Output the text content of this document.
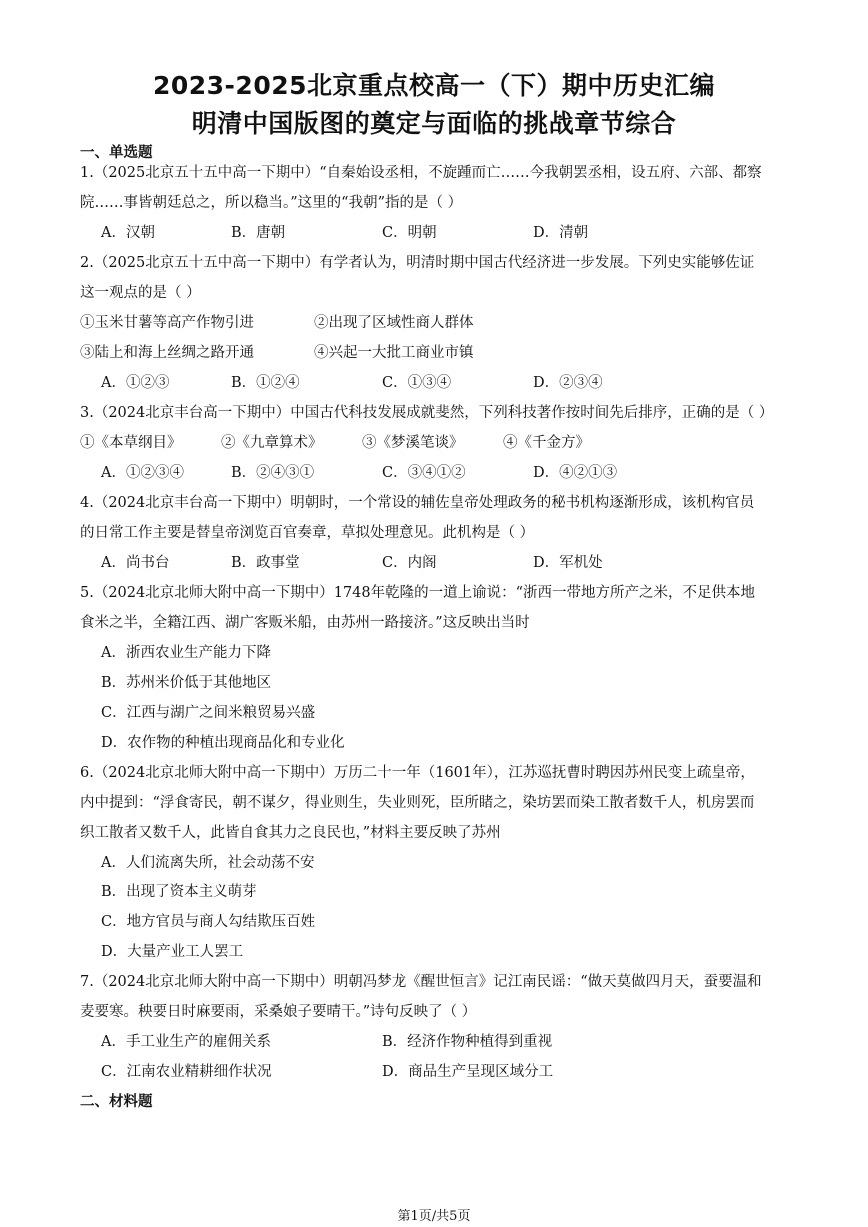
2023-2025北京重点校高一（下）期中历史汇编
明清中国版图的奠定与面临的挑战章节综合
一、单选题
1.（2025北京五十五中高一下期中）“自秦始设丞相，不旋踵而亡……今我朝罢丞相，设五府、六部、都察
院……事皆朝廷总之，所以稳当。”这里的“我朝”指的是（ ）
A．汉朝	B．唐朝	C．明朝	D．清朝
2.（2025北京五十五中高一下期中）有学者认为，明清时期中国古代经济进一步发展。下列史实能够佐证
这一观点的是（ ）
①玉米甘薯等高产作物引进	②出现了区域性商人群体
③陆上和海上丝绸之路开通	④兴起一大批工商业市镇
A．①②③	B．①②④	C．①③④	D．②③④
3.（2024北京丰台高一下期中）中国古代科技发展成就斐然，下列科技著作按时间先后排序，正确的是（ ）
①《本草纲目》	②《九章算术》	③《梦溪笔谈》	④《千金方》
A．①②③④	B．②④③①	C．③④①②	D．④②①③
4.（2024北京丰台高一下期中）明朝时，一个常设的辅佐皇帝处理政务的秘书机构逐渐形成，该机构官员
的日常工作主要是替皇帝浏览百官奏章，草拟处理意见。此机构是（ ）
A．尚书台	B．政事堂	C．内阁	D．军机处
5.（2024北京北师大附中高一下期中）1748年乾隆的一道上谕说：“浙西一带地方所产之米，不足供本地
食米之半，全籍江西、湖广客贩米船，由苏州一路接济。”这反映出当时
A．浙西农业生产能力下降
B．苏州米价低于其他地区
C．江西与湖广之间米粮贸易兴盛
D．农作物的种植出现商品化和专业化
6.（2024北京北师大附中高一下期中）万历二十一年（1601年），江苏巡抚曹时聘因苏州民变上疏皇帝，
内中提到：“浮食寄民，朝不谋夕，得业则生，失业则死，臣所睹之，染坊罢而染工散者数千人，机房罢而
织工散者又数千人，此皆自食其力之良民也，”材料主要反映了苏州
A．人们流离失所，社会动荡不安
B．出现了资本主义萌芽
C．地方官员与商人勾结欺压百姓
D．大量产业工人罢工
7.（2024北京北师大附中高一下期中）明朝冯梦龙《醒世恒言》记江南民谣：“做天莫做四月天，蚕要温和
麦要寒。秧要日时麻要雨，采桑娘子要晴干。”诗句反映了（ ）
A．手工业生产的雇佣关系	B．经济作物种植得到重视
C．江南农业精耕细作状况	D．商品生产呈现区域分工
二、材料题
第1页/共5页
